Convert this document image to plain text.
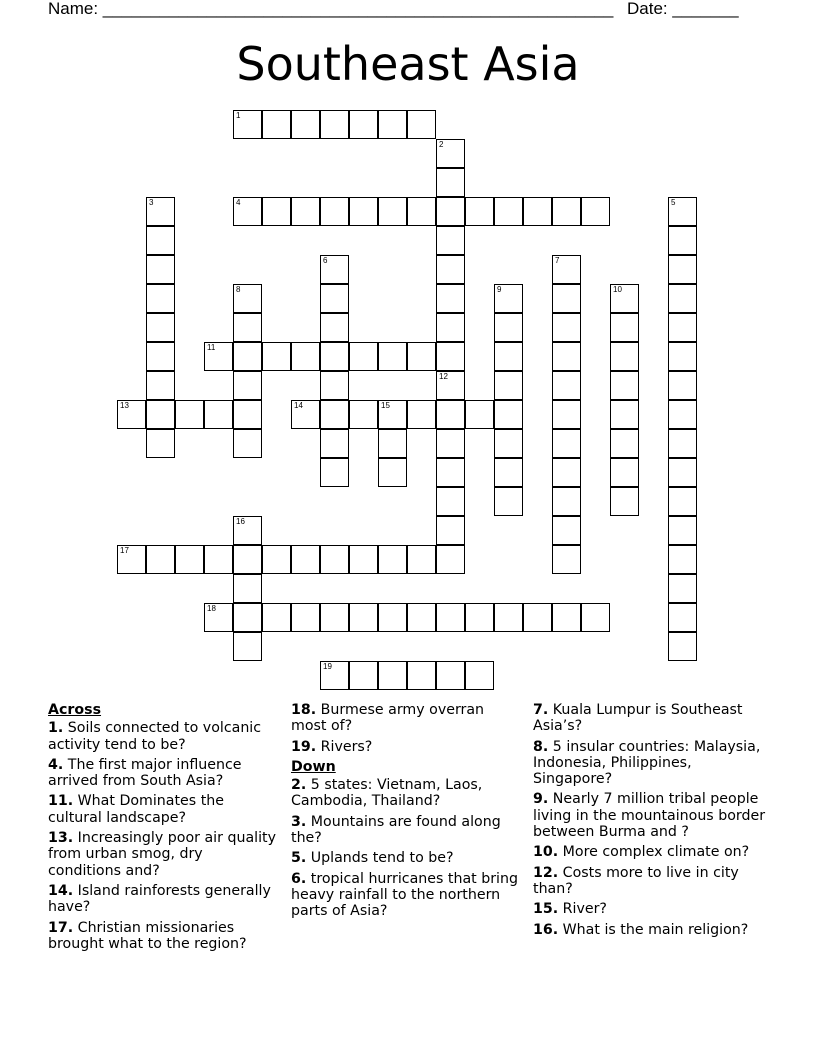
Name: ______________________________________________________ Date: _______
Southeast Asia
1
2
12
3	4	5
6	7
8	9	10
11
13	14	15
16
17
18
19
Across
1. Soils connected to volcanic activity tend to be?
4. The first major influence arrived from South Asia?
11. What Dominates the cultural landscape?
13. Increasingly poor air quality from urban smog, dry conditions and?
14. Island rainforests generally have?
17. Christian missionaries brought what to the region?
18. Burmese army overran most of?
19. Rivers?
Down
2. 5 states: Vietnam, Laos, Cambodia, Thailand?
3. Mountains are found along the?
5. Uplands tend to be?
6. tropical hurricanes that bring heavy rainfall to the northern parts of Asia?
7. Kuala Lumpur is Southeast Asia’s?
8. 5 insular countries: Malaysia, Indonesia, Philippines, Singapore?
9. Nearly 7 million tribal people living in the mountainous border between Burma and ?
10. More complex climate on?
12. Costs more to live in city than?
15. River?
16. What is the main religion?
